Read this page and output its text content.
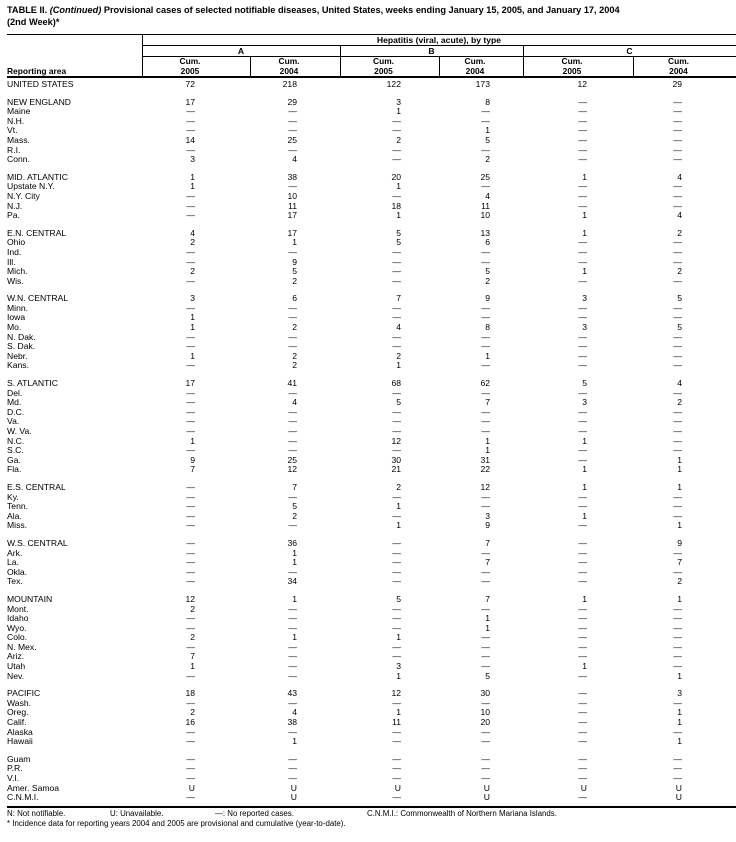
TABLE II. (Continued) Provisional cases of selected notifiable diseases, United States, weeks ending January 15, 2005, and January 17, 2004
(2nd Week)*
Hepatitis (viral, acute), by type
A	B	C
Cum.
2005
Cum.
2004
Cum.
2005
Cum.
2004
Cum.
2005
Cum.
2004
Reporting area
UNITED STATES	72	218	122	173	12	29
NEW ENGLAND	17	29	3	8	—	—
Maine	—	—	1	—	—	—
N.H.	—	—	—	—	—	—
Vt.	—	—	—	1	—	—
Mass.	14	25	2	5	—	—
R.I.	—	—	—	—	—	—
Conn.	3	4	—	2	—	—
MID. ATLANTIC	1	38	20	25	1	4
Upstate N.Y.	1	—	1	—	—	—
N.Y. City	—	10	—	4	—	—
N.J.	—	11	18	11	—	—
Pa.	—	17	1	10	1	4
E.N. CENTRAL	4	17	5	13	1	2
Ohio	2	1	5	6	—	—
Ind.	—	—	—	—	—	—
Ill.	—	9	—	—	—	—
Mich.	2	5	—	5	1	2
Wis.	—	2	—	2	—	—
W.N. CENTRAL	3	6	7	9	3	5
Minn.	—	—	—	—	—	—
Iowa	1	—	—	—	—	—
Mo.	1	2	4	8	3	5
N. Dak.	—	—	—	—	—	—
S. Dak.	—	—	—	—	—	—
Nebr.	1	2	2	1	—	—
Kans.	—	2	1	—	—	—
S. ATLANTIC	17	41	68	62	5	4
Del.	—	—	—	—	—	—
Md.	—	4	5	7	3	2
D.C.	—	—	—	—	—	—
Va.	—	—	—	—	—	—
W. Va.	—	—	—	—	—	—
N.C.	1	—	12	1	1	—
S.C.	—	—	—	1	—	—
Ga.	9	25	30	31	—	1
Fla.	7	12	21	22	1	1
E.S. CENTRAL	—	7	2	12	1	1
Ky.	—	—	—	—	—	—
Tenn.	—	5	1	—	—	—
Ala.	—	2	—	3	1	—
Miss.	—	—	1	9	—	1
W.S. CENTRAL	—	36	—	7	—	9
Ark.	—	1	—	—	—	—
La.	—	1	—	7	—	7
Okla.	—	—	—	—	—	—
Tex.	—	34	—	—	—	2
MOUNTAIN	12	1	5	7	1	1
Mont.	2	—	—	—	—	—
Idaho	—	—	—	1	—	—
Wyo.	—	—	—	1	—	—
Colo.	2	1	1	—	—	—
N. Mex.	—	—	—	—	—	—
Ariz.	7	—	—	—	—	—
Utah	1	—	3	—	1	—
Nev.	—	—	1	5	—	1
PACIFIC	18	43	12	30	—	3
Wash.	—	—	—	—	—	—
Oreg.	2	4	1	10	—	1
Calif.	16	38	11	20	—	1
Alaska	—	—	—	—	—	—
Hawaii	—	1	—	—	—	1
Guam	—	—	—	—	—	—
P.R.	—	—	—	—	—	—
V.I.	—	—	—	—	—	—
Amer. Samoa	U	U	U	U	U	U
C.N.M.I.	—	U	—	U	—	U
N: Not notifiable.	U: Unavailable.	—: No reported cases.	C.N.M.I.: Commonwealth of Northern Mariana Islands.
* Incidence data for reporting years 2004 and 2005 are provisional and cumulative (year-to-date).
